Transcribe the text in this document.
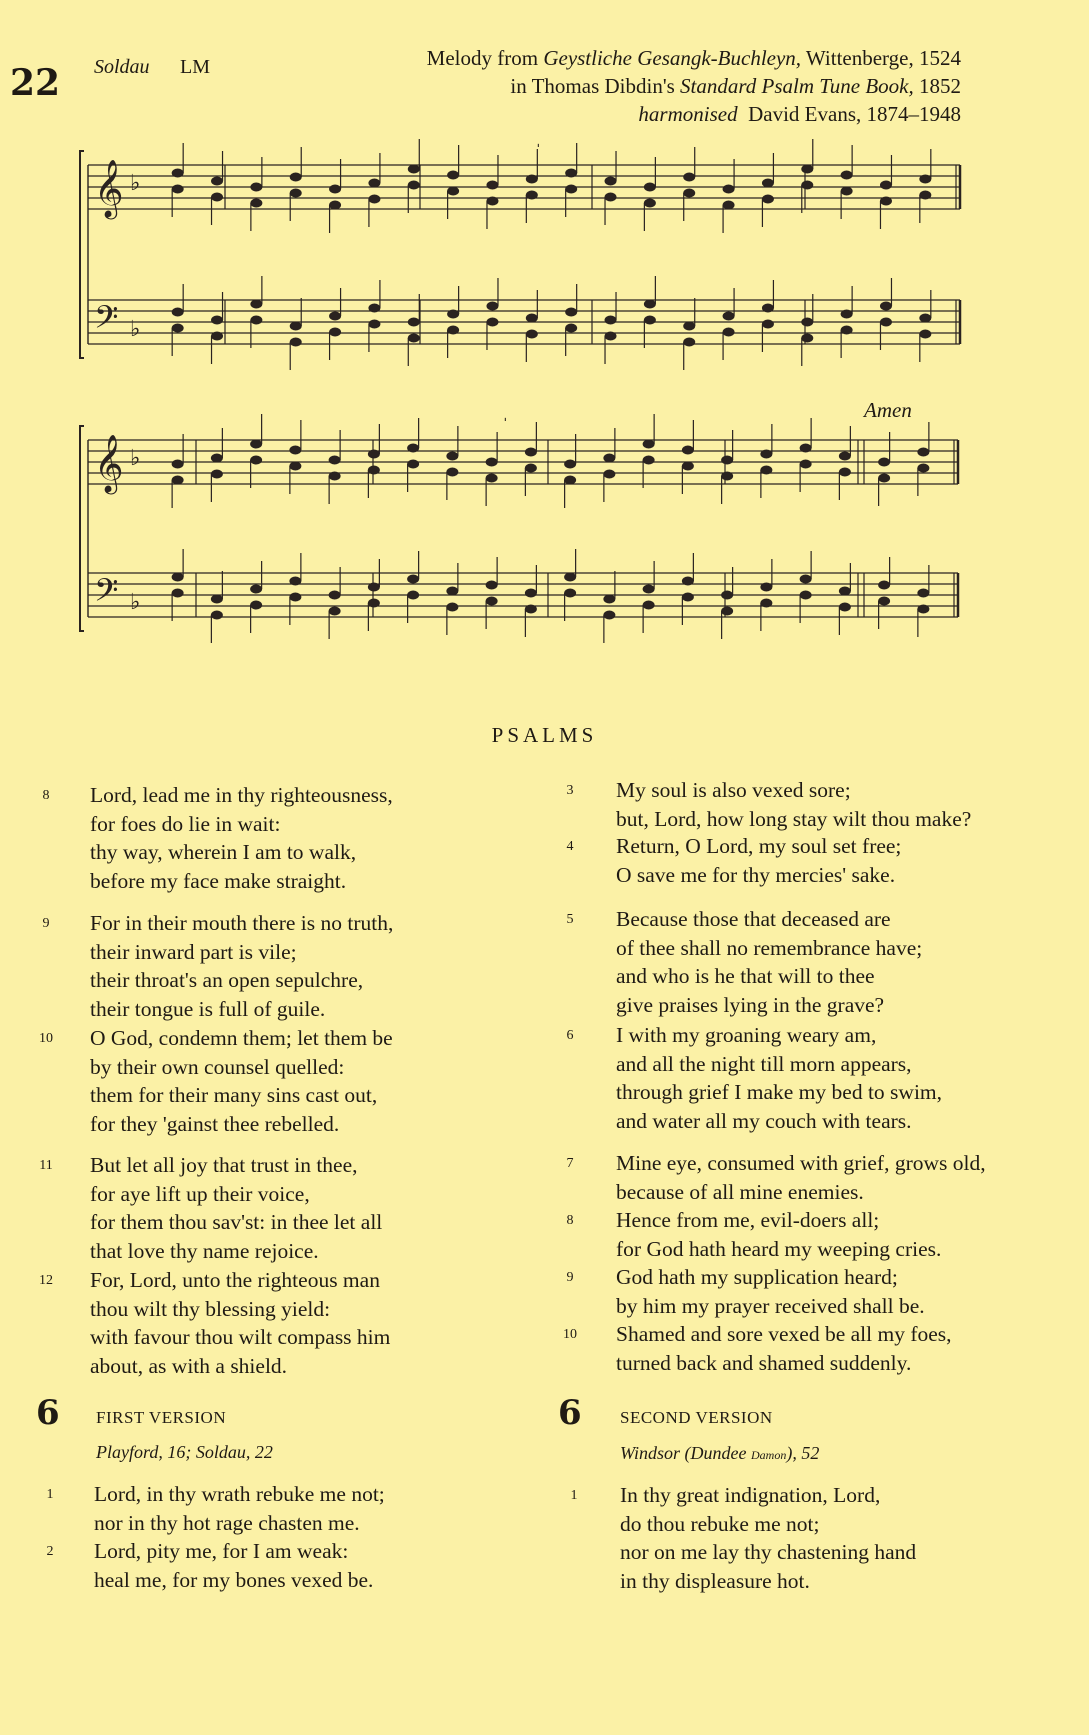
22 Soldau LM	Melody from Geystliche Gesangk-Buchleyn, Wittenberge, 1524
in Thomas Dibdin's Standard Psalm Tune Book, 1852
harmonised David Evans, 1874–1948
𝄞
𝄢
♭
♭
𝄞
𝄢
♭
♭
ˈ
ˈ
Amen
PSALMS
8	Lord, lead me in thy righteousness,
for foes do lie in wait:
thy way, wherein I am to walk,
before my face make straight.
9	For in their mouth there is no truth,
their inward part is vile;
their throat's an open sepulchre,
their tongue is full of guile.
10	O God, condemn them; let them be
by their own counsel quelled:
them for their many sins cast out,
for they 'gainst thee rebelled.
11	But let all joy that trust in thee,
for aye lift up their voice,
for them thou sav'st: in thee let all
that love thy name rejoice.
12	For, Lord, unto the righteous man
thou wilt thy blessing yield:
with favour thou wilt compass him
about, as with a shield.
3	My soul is also vexed sore;
but, Lord, how long stay wilt thou make?
4	Return, O Lord, my soul set free;
O save me for thy mercies' sake.
5	Because those that deceased are
of thee shall no remembrance have;
and who is he that will to thee
give praises lying in the grave?
6	I with my groaning weary am,
and all the night till morn appears,
through grief I make my bed to swim,
and water all my couch with tears.
7	Mine eye, consumed with grief, grows old,
because of all mine enemies.
8	Hence from me, evil-doers all;
for God hath heard my weeping cries.
9	God hath my supplication heard;
by him my prayer received shall be.
10	Shamed and sore vexed be all my foes,
turned back and shamed suddenly.
6 FIRST VERSION
Playford, 16; Soldau, 22
1	Lord, in thy wrath rebuke me not;
nor in thy hot rage chasten me.
2	Lord, pity me, for I am weak:
heal me, for my bones vexed be.
6 SECOND VERSION
Windsor (Dundee Damon), 52
1	In thy great indignation, Lord,
do thou rebuke me not;
nor on me lay thy chastening hand
in thy displeasure hot.
